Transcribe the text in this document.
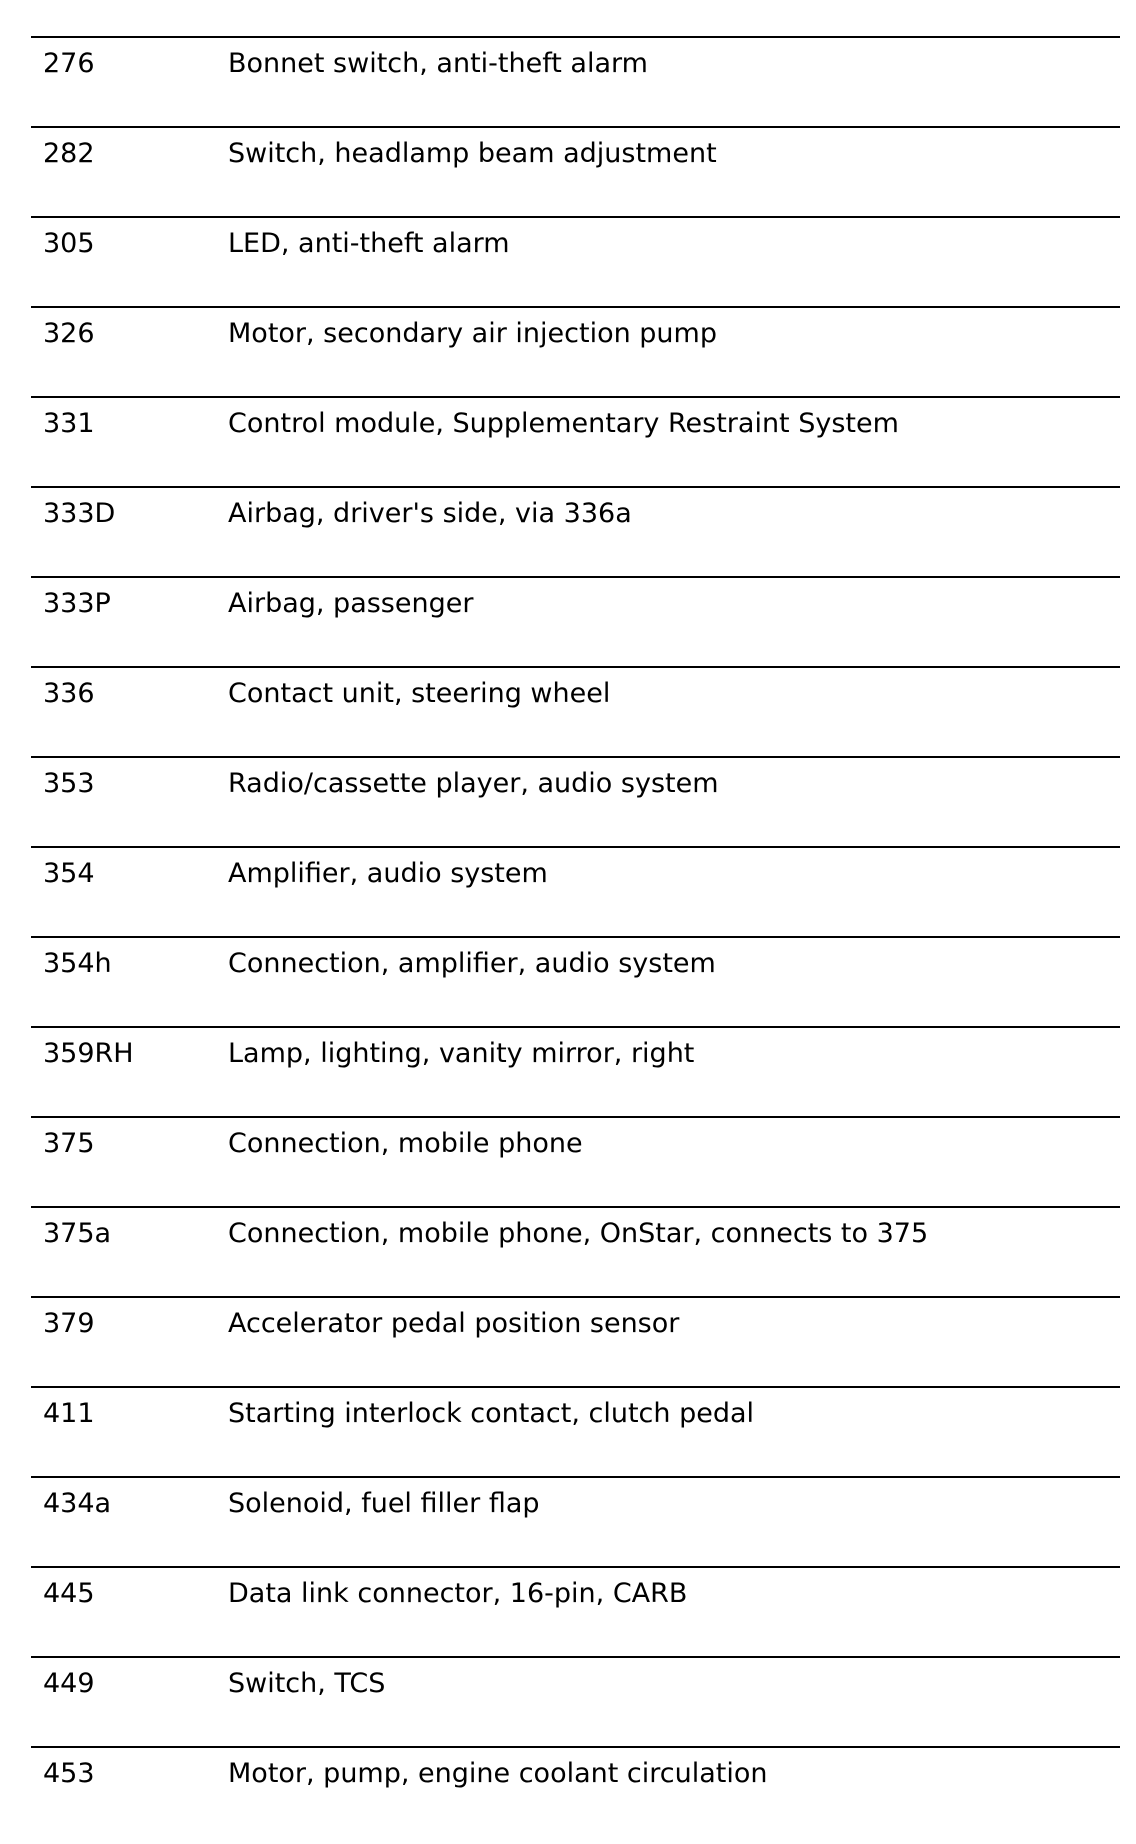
276	Bonnet switch, anti-theft alarm
282	Switch, headlamp beam adjustment
305	LED, anti-theft alarm
326	Motor, secondary air injection pump
331	Control module, Supplementary Restraint System
333D	Airbag, driver's side, via 336a
333P	Airbag, passenger
336	Contact unit, steering wheel
353	Radio/cassette player, audio system
354	Amplifier, audio system
354h	Connection, amplifier, audio system
359RH	Lamp, lighting, vanity mirror, right
375	Connection, mobile phone
375a	Connection, mobile phone, OnStar, connects to 375
379	Accelerator pedal position sensor
411	Starting interlock contact, clutch pedal
434a	Solenoid, fuel filler flap
445	Data link connector, 16-pin, CARB
449	Switch, TCS
453	Motor, pump, engine coolant circulation
